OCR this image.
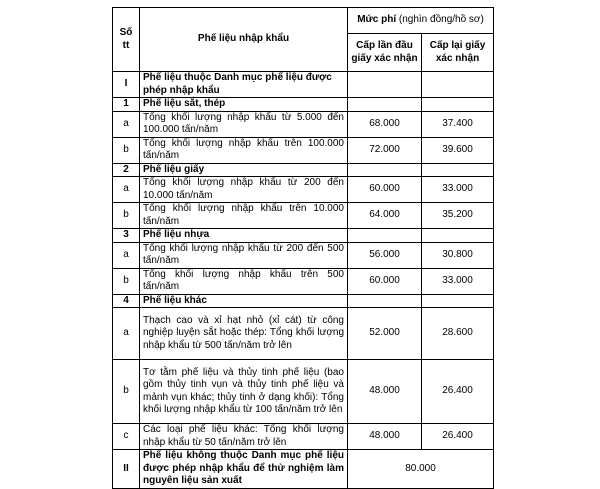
Số tt	Phế liệu nhập khẩu	Mức phí (nghìn đồng/hồ sơ)	
		Cấp lần đầu giấy xác nhận	Cấp lại giấy xác nhận
I	Phế liệu thuộc Danh mục phế liệu được phép nhập khẩu		
1	Phế liệu sắt, thép		
a	Tổng khối lượng nhập khẩu từ 5.000 đến 100.000 tấn/năm	68.000	37.400
b	Tổng khối lượng nhập khẩu trên 100.000 tấn/năm	72.000	39.600
2	Phế liệu giấy		
a	Tổng khối lượng nhập khẩu từ 200 đến 10.000 tấn/năm	60.000	33.000
b	Tổng khối lượng nhập khẩu trên 10.000 tấn/năm	64.000	35.200
3	Phế liệu nhựa		
a	Tổng khối lượng nhập khẩu từ 200 đến 500 tấn/năm	56.000	30.800
b	Tổng khối lượng nhập khẩu trên 500 tấn/năm	60.000	33.000
4	Phế liệu khác		
a	Thạch cao và xỉ hạt nhỏ (xỉ cát) từ công nghiệp luyện sắt hoặc thép: Tổng khối lượng nhập khẩu từ 500 tấn/năm trở lên	52.000	28.600
b	Tơ tằm phế liệu và thủy tinh phế liệu (bao gồm thủy tinh vụn và thủy tinh phế liệu và mảnh vụn khác; thủy tinh ở dạng khối): Tổng khối lượng nhập khẩu từ 100 tấn/năm trở lên	48.000	26.400
c	Các loại phế liệu khác: Tổng khối lượng nhập khẩu từ 50 tấn/năm trở lên	48.000	26.400
II	Phế liệu không thuộc Danh mục phế liệu được phép nhập khẩu để thử nghiệm làm nguyên liệu sản xuất	80.000	
